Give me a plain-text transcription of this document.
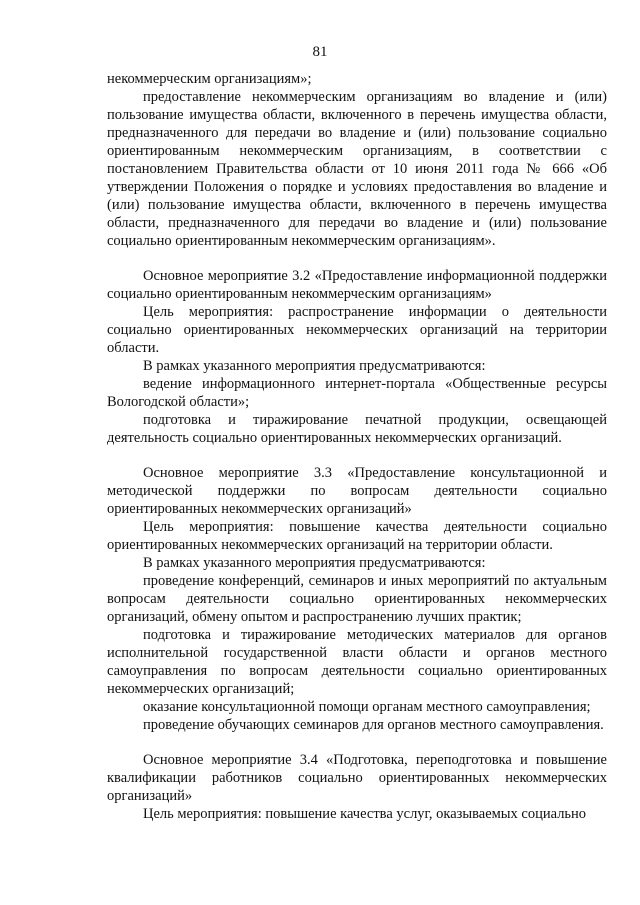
81

некоммерческим организациям»;

предоставление некоммерческим организациям во владение и (или) пользование имущества области, включенного в перечень имущества области, предназначенного для передачи во владение и (или) пользование социально ориентированным некоммерческим организациям, в соответствии с постановлением Правительства области от 10 июня 2011 года № 666 «Об утверждении Положения о порядке и условиях предоставления во владение и (или) пользование имущества области, включенного в перечень имущества области, предназначенного для передачи во владение и (или) пользование социально ориентированным некоммерческим организациям».

Основное мероприятие 3.2 «Предоставление информационной поддержки социально ориентированным некоммерческим организациям»

Цель мероприятия: распространение информации о деятельности социально ориентированных некоммерческих организаций на территории области.

В рамках указанного мероприятия предусматриваются:

ведение информационного интернет-портала «Общественные ресурсы Вологодской области»;

подготовка и тиражирование печатной продукции, освещающей деятельность социально ориентированных некоммерческих организаций.

Основное мероприятие 3.3 «Предоставление консультационной и методической поддержки по вопросам деятельности социально ориентированных некоммерческих организаций»

Цель мероприятия: повышение качества деятельности социально ориентированных некоммерческих организаций на территории области.

В рамках указанного мероприятия предусматриваются:

проведение конференций, семинаров и иных мероприятий по актуальным вопросам деятельности социально ориентированных некоммерческих организаций, обмену опытом и распространению лучших практик;

подготовка и тиражирование методических материалов для органов исполнительной государственной власти области и органов местного самоуправления по вопросам деятельности социально ориентированных некоммерческих организаций;

оказание консультационной помощи органам местного самоуправления;

проведение обучающих семинаров для органов местного самоуправления.

Основное мероприятие 3.4 «Подготовка, переподготовка и повышение квалификации работников социально ориентированных некоммерческих организаций»

Цель мероприятия: повышение качества услуг, оказываемых социально
